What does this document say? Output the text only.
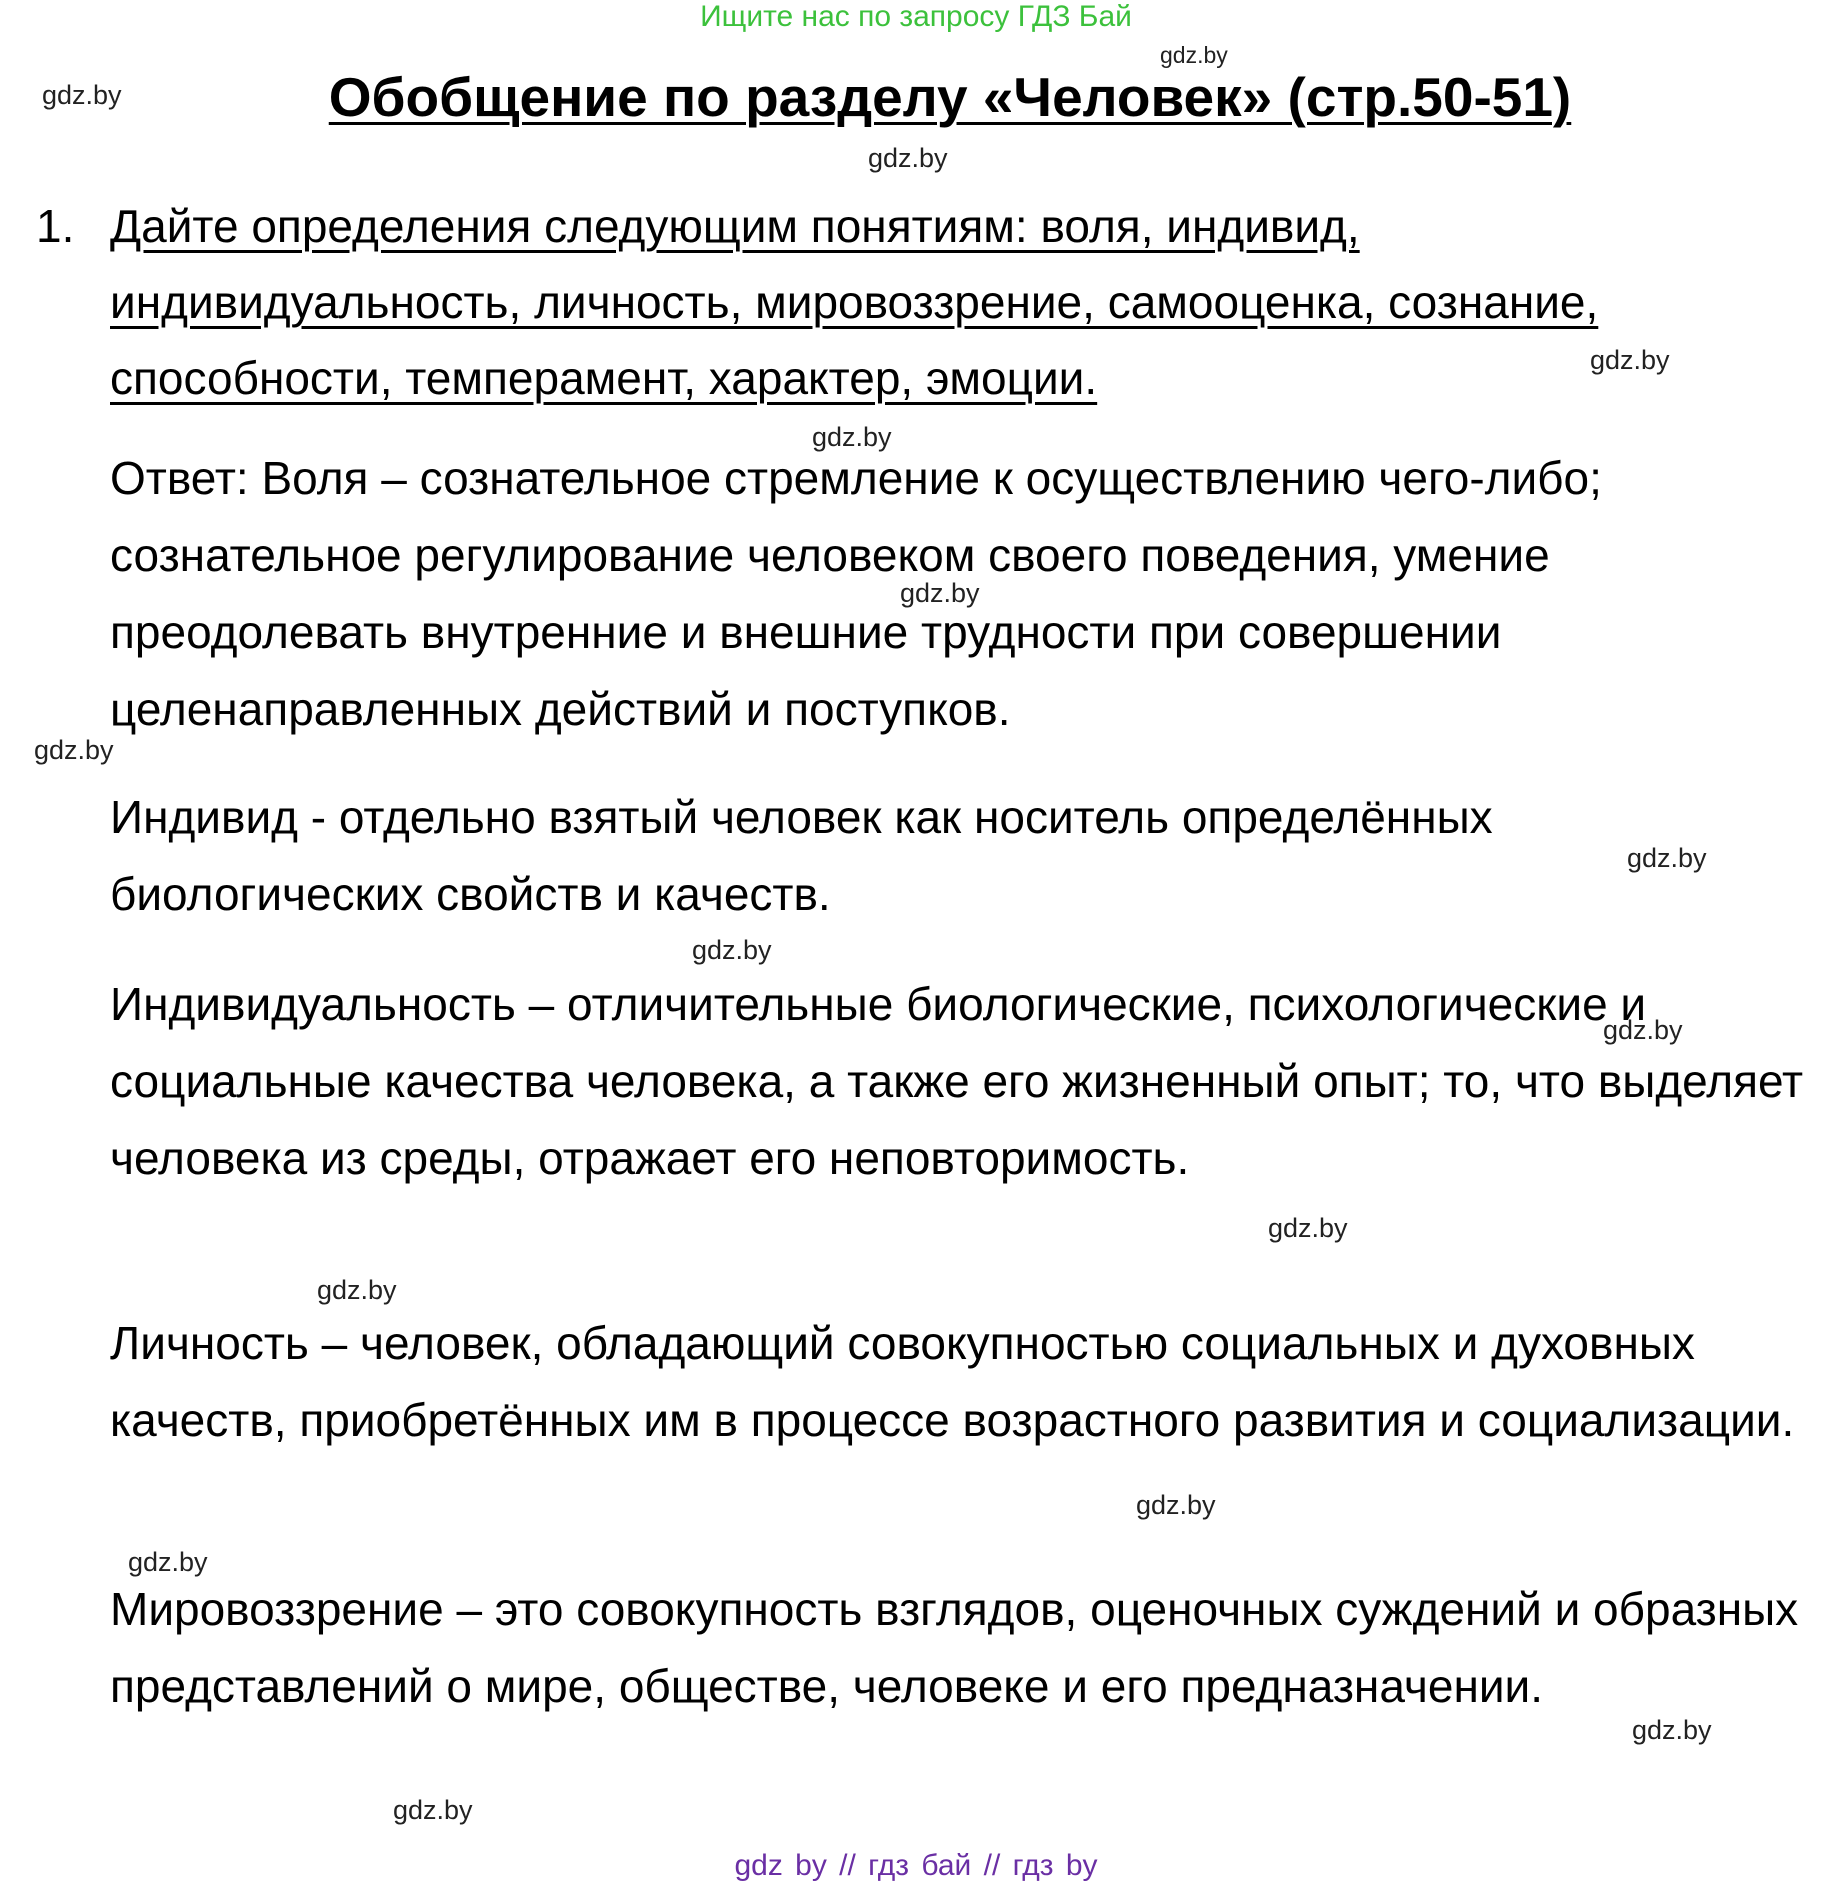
Ищите нас по запросу ГДЗ Бай
gdz.by
gdz.by	Обобщение по разделу «Человек» (стр.50-51)
gdz.by
1. Дайте определения следующим понятиям: воля, индивид, индивидуальность, личность, мировоззрение, самооценка, сознание, способности, темперамент, характер, эмоции.	gdz.by
gdz.by
Ответ: Воля – сознательное стремление к осуществлению чего-либо; сознательное регулирование человеком своего поведения, умение преодолевать внутренние и внешние трудности при совершении целенаправленных действий и поступков.
gdz.by
gdz.by
Индивид - отдельно взятый человек как носитель определённых биологических свойств и качеств.
gdz.by
gdz.by
Индивидуальность – отличительные биологические, психологические и социальные качества человека, а также его жизненный опыт; то, что выделяет человека из среды, отражает его неповторимость.
gdz.by
gdz.by
gdz.by
Личность – человек, обладающий совокупностью социальных и духовных качеств, приобретённых им в процессе возрастного развития и социализации.
gdz.by
gdz.by
Мировоззрение – это совокупность взглядов, оценочных суждений и образных представлений о мире, обществе, человеке и его предназначении.
gdz.by
gdz.by
gdz by // гдз бай // гдз by
